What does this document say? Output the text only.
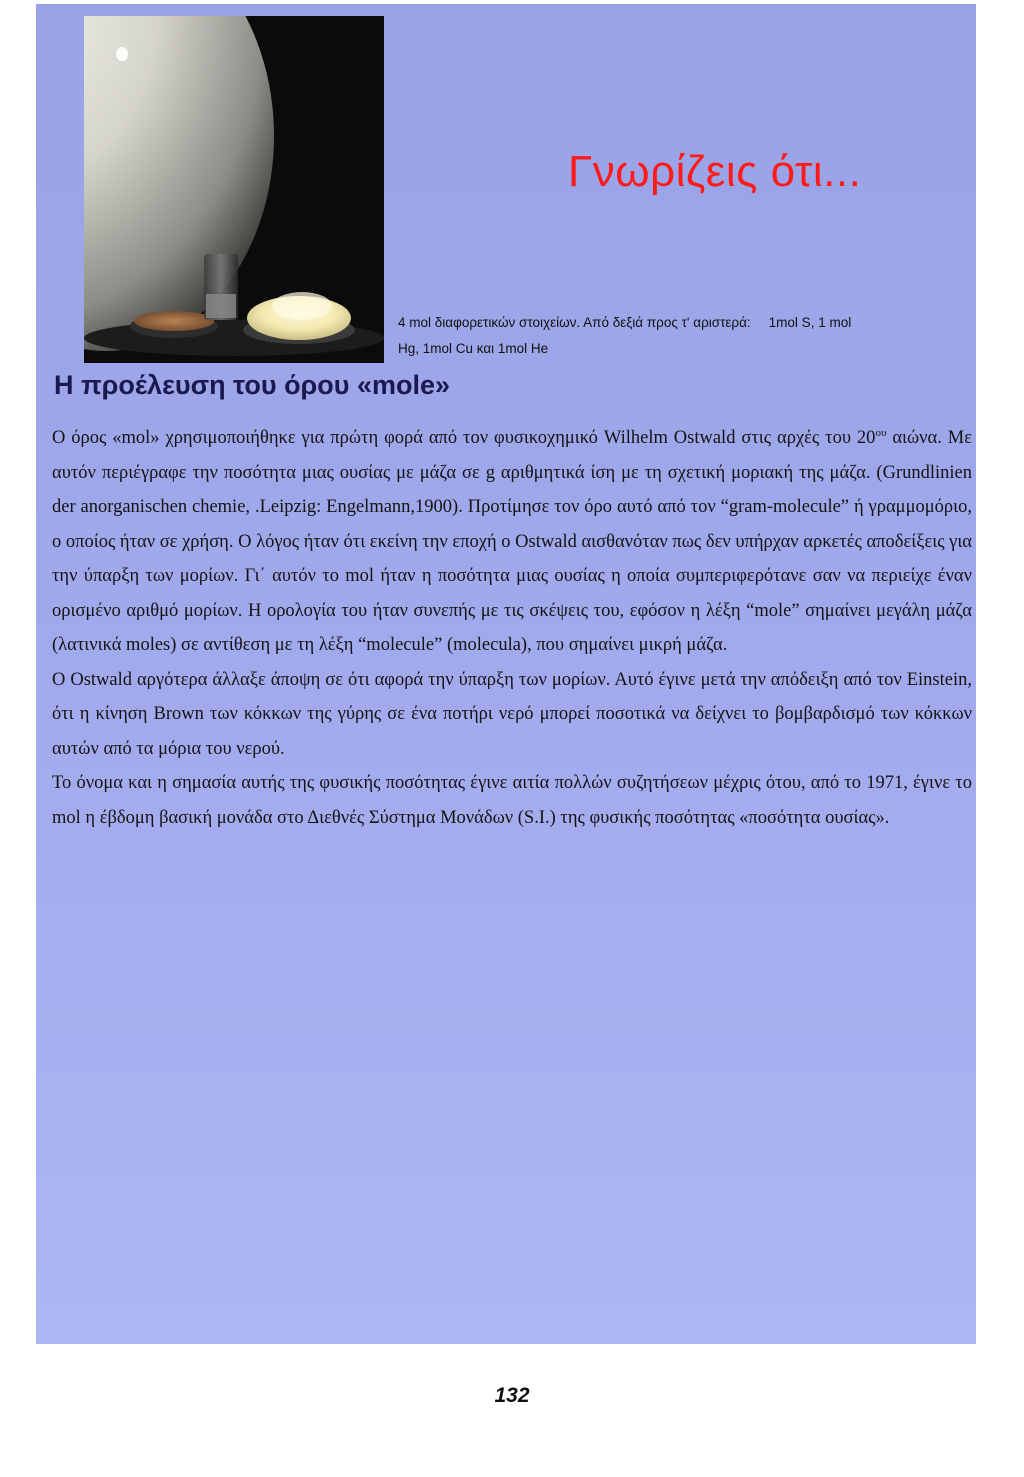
Γνωρίζεις ότι...
4 mol διαφορετικών στοιχείων. Από δεξιά προς τ' αριστερά: 1mol S, 1 mol
Hg, 1mol Cu και 1mol He
Η προέλευση του όρου «mole»

Ο όρος «mol» χρησιμοποιήθηκε για πρώτη φορά από τον φυσικοχημικό Wilhelm Ostwald στις αρχές του $20^{o\upsilon}$ αιώνα. Με αυτόν περιέγραφε την ποσότητα μιας ουσίας με μάζα σε g αριθμητικά ίση με τη σχετική μοριακή της μάζα. (Grundlinien der anorganischen chemie, .Leipzig: Engelmann,1900). Προτίμησε τον όρο αυτό από τον “gram-molecule” ή γραμμομόριο, ο οποίος ήταν σε χρήση. Ο λόγος ήταν ότι εκείνη την εποχή ο Ostwald αισθανόταν πως δεν υπήρχαν αρκετές αποδείξεις για την ύπαρξη των μορίων. Γι΄ αυτόν το mol ήταν η ποσότητα μιας ουσίας η οποία συμπεριφερότανε σαν να περιείχε έναν ορισμένο αριθμό μορίων. Η ορολογία του ήταν συνεπής με τις σκέψεις του, εφόσον η λέξη “mole” σημαίνει μεγάλη μάζα (λατινικά moles) σε αντίθεση με τη λέξη “molecule” (molecula), που σημαίνει μικρή μάζα.

Ο Ostwald αργότερα άλλαξε άποψη σε ότι αφορά την ύπαρξη των μορίων. Αυτό έγινε μετά την απόδειξη από τον Einstein, ότι η κίνηση Brown των κόκκων της γύρης σε ένα ποτήρι νερό μπορεί ποσοτικά να δείχνει το βομβαρδισμό των κόκκων αυτών από τα μόρια του νερού.

Το όνομα και η σημασία αυτής της φυσικής ποσότητας έγινε αιτία πολλών συζητήσεων μέχρις ότου, από το 1971, έγινε το mol η έβδομη βασική μονάδα στο Διεθνές Σύστημα Μονάδων (S.I.) της φυσικής ποσότητας «ποσότητα ουσίας».

132
